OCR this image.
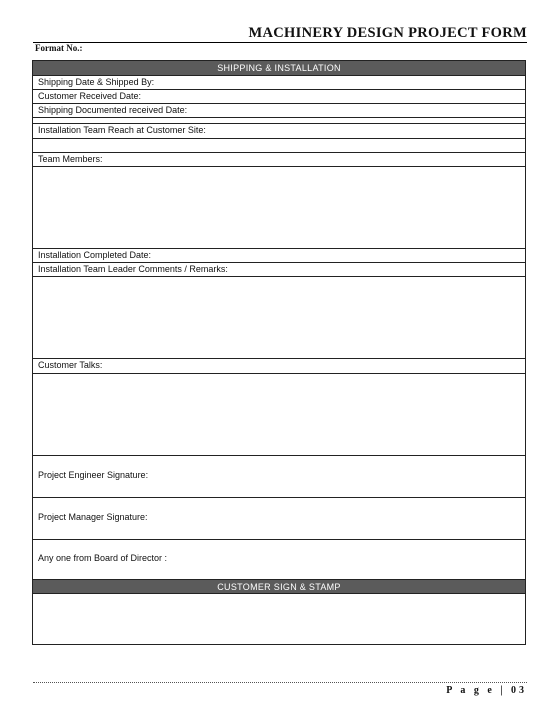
MACHINERY DESIGN PROJECT FORM
Format No.:
SHIPPING & INSTALLATION
Shipping Date & Shipped By:
Customer Received Date:
Shipping Documented received Date:
Installation Team Reach at Customer Site:
Team Members:
Installation Completed Date:
Installation Team Leader Comments / Remarks:
Customer Talks:
Project Engineer Signature:
Project Manager Signature:
Any one from Board of Director :
CUSTOMER SIGN & STAMP
P a g e | 03
